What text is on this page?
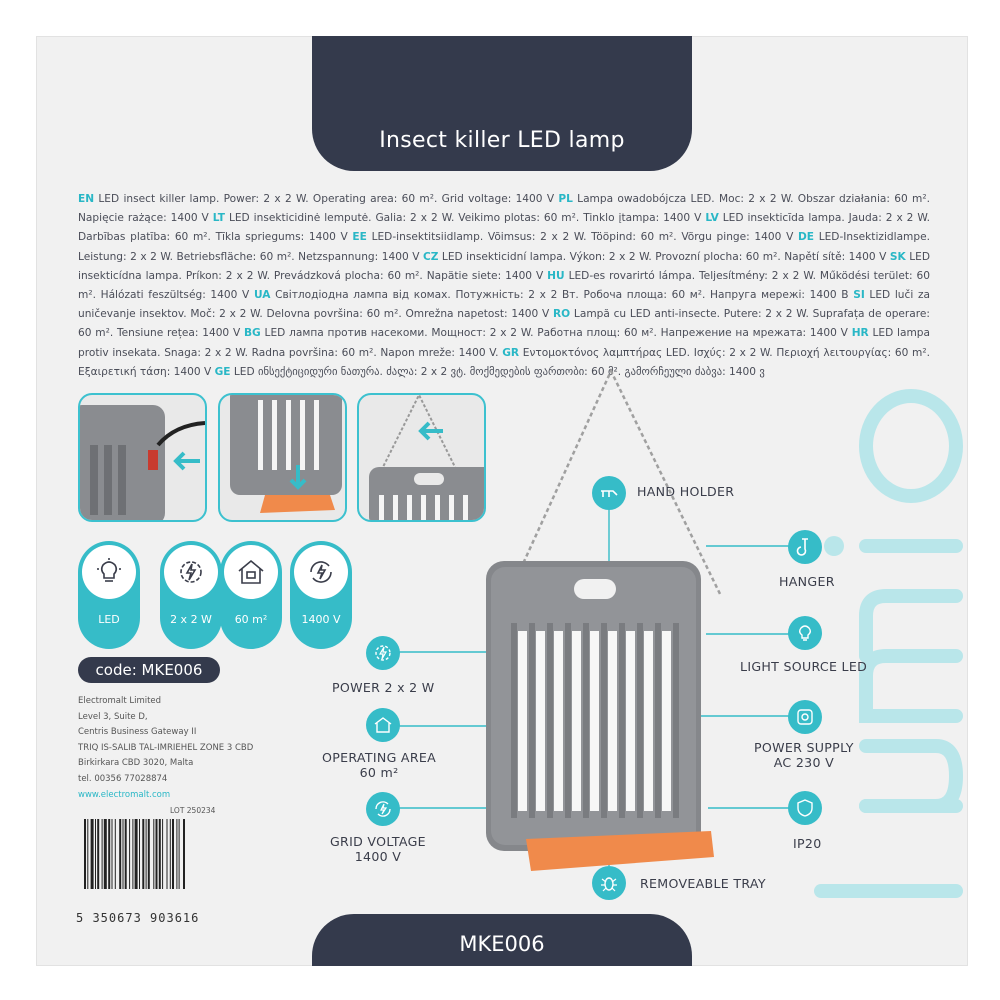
Insect killer LED lamp
EN LED insect killer lamp. Power: 2 x 2 W. Operating area: 60 m². Grid voltage: 1400 V PL Lampa owadobójcza LED. Moc: 2 x 2 W. Obszar działania: 60 m². Napięcie rażące: 1400 V LT LED insekticidinė lemputė. Galia: 2 x 2 W. Veikimo plotas: 60 m². Tinklo įtampa: 1400 V LV LED insekticīda lampa. Jauda: 2 x 2 W. Darbības platība: 60 m². Tīkla spriegums: 1400 V EE LED-insektitsiidlamp. Võimsus: 2 x 2 W. Tööpind: 60 m². Võrgu pinge: 1400 V DE LED-Insektizidlampe. Leistung: 2 x 2 W. Betriebsfläche: 60 m². Netzspannung: 1400 V CZ LED insekticidní lampa. Výkon: 2 x 2 W. Provozní plocha: 60 m². Napětí sítě: 1400 V SK LED insekticídna lampa. Príkon: 2 x 2 W. Prevádzková plocha: 60 m². Napätie siete: 1400 V HU LED-es rovarirtó lámpa. Teljesítmény: 2 x 2 W. Működési terület: 60 m². Hálózati feszültség: 1400 V UA Світлодіодна лампа від комах. Потужність: 2 x 2 Вт. Робоча площа: 60 м². Напруга мережі: 1400 В SI LED luči za uničevanje insektov. Moč: 2 x 2 W. Delovna površina: 60 m². Omrežna napetost: 1400 V RO Lampă cu LED anti-insecte. Putere: 2 x 2 W. Suprafața de operare: 60 m². Tensiune rețea: 1400 V BG LED лампа против насекоми. Мощност: 2 x 2 W. Работна площ: 60 м². Напрежение на мрежата: 1400 V HR LED lampa protiv insekata. Snaga: 2 x 2 W. Radna površina: 60 m². Napon mreže: 1400 V. GR Εντομοκτόνος λαμπτήρας LED. Ισχύς: 2 x 2 W. Περιοχή λειτουργίας: 60 m². Εξαιρετική τάση: 1400 V GE LED ინსექტიციდური ნათურა. ძალა: 2 x 2 ვტ. მოქმედების ფართობი: 60 მ². გამორჩეული ძაბვა: 1400 ვ
LED	2 x 2 W	60 m²	1400 V
code: MKE006
Electromalt Limited
Level 3, Suite D,
Centris Business Gateway II
TRIQ IS-SALIB TAL-IMRIEHEL ZONE 3 CBD
Birkirkara CBD 3020, Malta
tel. 00356 77028874
www.electromalt.com
LOT 250234
5 350673 903616
HAND HOLDER
HANGER
LIGHT SOURCE LED
POWER SUPPLY
AC 230 V
IP20
REMOVEABLE TRAY
POWER 2 x 2 W
OPERATING AREA
60 m²
GRID VOLTAGE
1400 V
MKE006
